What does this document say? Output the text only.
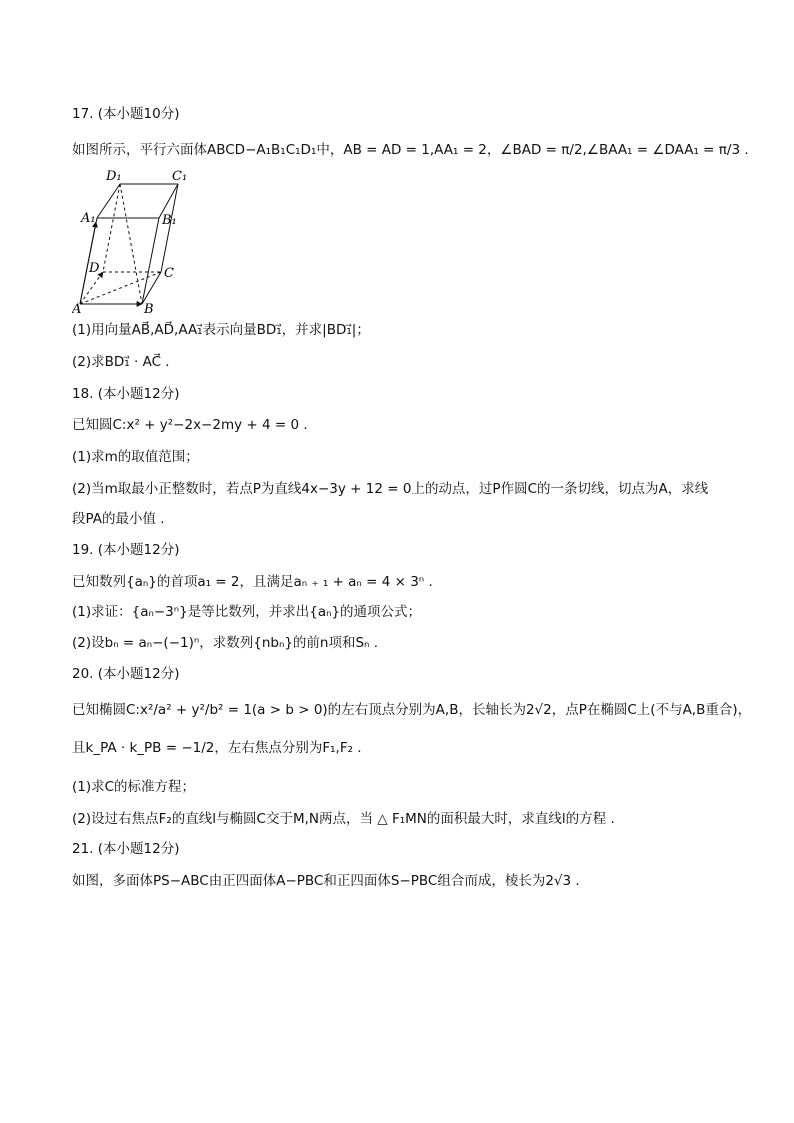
17. (本小题10分)
如图所示，平行六面体ABCD−A₁B₁C₁D₁中，AB = AD = 1,AA₁ = 2，∠BAD = π/2,∠BAA₁ = ∠DAA₁ = π/3 .
D₁	C₁
A₁	B₁
D	C
A	B
(1)用向量AB⃗,AD⃗,AA₁⃗表示向量BD₁⃗，并求|BD₁⃗|；
(2)求BD₁⃗ · AC⃗ .
18. (本小题12分)
已知圆C:x² + y²−2x−2my + 4 = 0 .
(1)求m的取值范围；
(2)当m取最小正整数时，若点P为直线4x−3y + 12 = 0上的动点，过P作圆C的一条切线，切点为A，求线
段PA的最小值 .
19. (本小题12分)
已知数列{aₙ}的首项a₁ = 2，且满足aₙ ₊ ₁ + aₙ = 4 × 3ⁿ .
(1)求证：{aₙ−3ⁿ}是等比数列，并求出{aₙ}的通项公式；
(2)设bₙ = aₙ−(−1)ⁿ，求数列{nbₙ}的前n项和Sₙ .
20. (本小题12分)
已知椭圆C:x²/a² + y²/b² = 1(a > b > 0)的左右顶点分别为A,B，长轴长为2√2，点P在椭圆C上(不与A,B重合)，
且k_PA · k_PB = −1/2，左右焦点分别为F₁,F₂ .
(1)求C的标准方程；
(2)设过右焦点F₂的直线l与椭圆C交于M,N两点，当 △ F₁MN的面积最大时，求直线l的方程 .
21. (本小题12分)
如图，多面体PS−ABC由正四面体A−PBC和正四面体S−PBC组合而成，棱长为2√3 .
